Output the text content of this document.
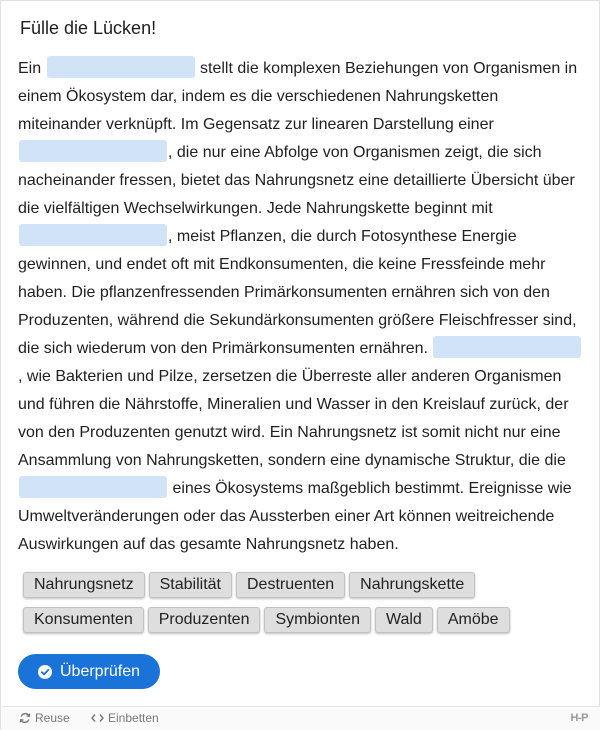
Fülle die Lücken!
Ein	stellt die komplexen Beziehungen von Organismen in einem Ökosystem dar, indem es die verschiedenen Nahrungsketten miteinander verknüpft. Im Gegensatz zur linearen Darstellung einer , die nur eine Abfolge von Organismen zeigt, die sich nacheinander fressen, bietet das Nahrungsnetz eine detaillierte Übersicht über die vielfältigen Wechselwirkungen. Jede Nahrungskette beginnt mit , meist Pflanzen, die durch Fotosynthese Energie gewinnen, und endet oft mit Endkonsumenten, die keine Fressfeinde mehr haben. Die pflanzenfressenden Primärkonsumenten ernähren sich von den Produzenten, während die Sekundärkonsumenten größere Fleischfresser sind, die sich wiederum von den Primärkonsumenten ernähren. , wie Bakterien und Pilze, zersetzen die Überreste aller anderen Organismen und führen die Nährstoffe, Mineralien und Wasser in den Kreislauf zurück, der von den Produzenten genutzt wird. Ein Nahrungsnetz ist somit nicht nur eine Ansammlung von Nahrungsketten, sondern eine dynamische Struktur, die die  eines Ökosystems maßgeblich bestimmt. Ereignisse wie Umweltveränderungen oder das Aussterben einer Art können weitreichende Auswirkungen auf das gesamte Nahrungsnetz haben.
Nahrungsnetz Stabilität Destruenten Nahrungskette
Konsumenten Produzenten Symbionten Wald Amöbe
Überprüfen
Reuse	Einbetten	H-P
